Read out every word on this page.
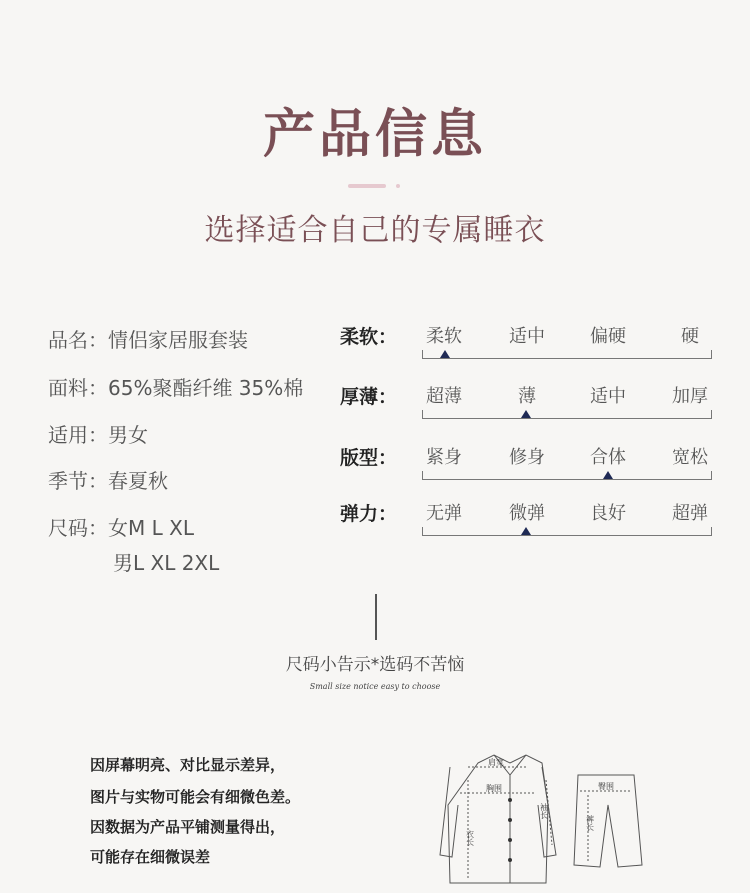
产品信息
选择适合自己的专属睡衣
品名：情侣家居服套装
面料：65%聚酯纤维 35%棉
适用：男女
季节：春夏秋
尺码：女M L XL
男L XL 2XL
柔软： 柔软	适中	偏硬	硬
厚薄： 超薄	薄	适中	加厚
版型： 紧身	修身	合体	宽松
弹力： 无弹	微弹	良好	超弹
尺码小告示*选码不苦恼
Small size notice easy to choose
因屏幕明亮、对比显示差异，
图片与实物可能会有细微色差。
因数据为产品平铺测量得出，
可能存在细微误差
肩宽
胸围
衣长
袖长
臀围
裤长
